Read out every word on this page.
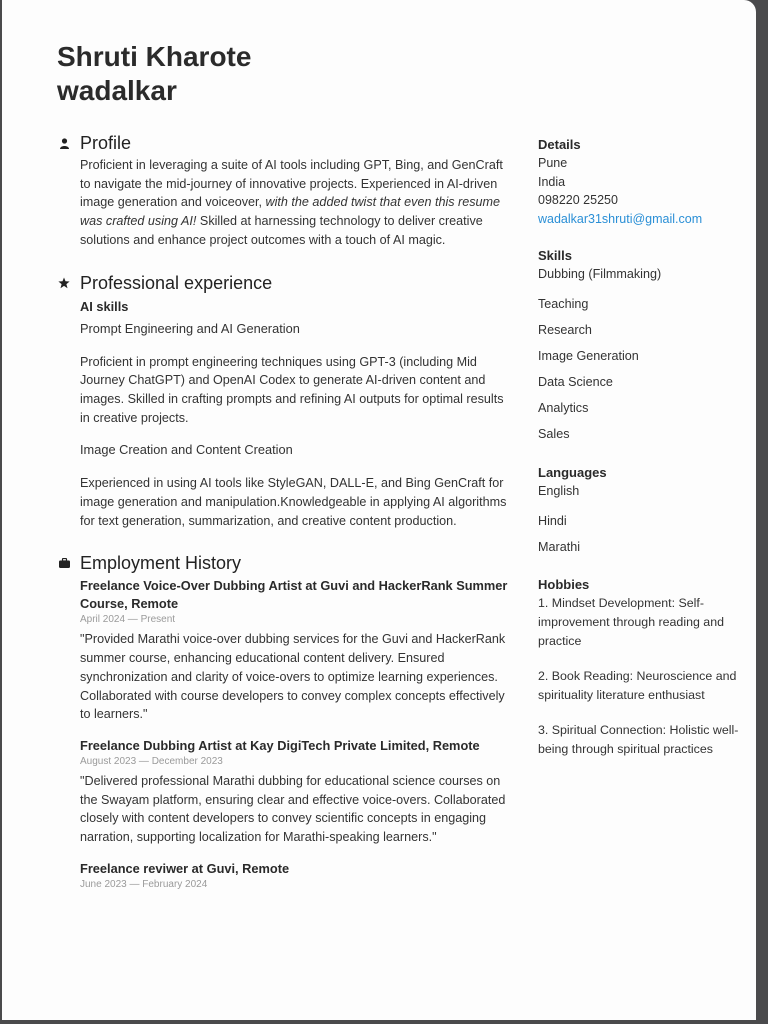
Shruti Kharote
wadalkar
Profile

Proficient in leveraging a suite of AI tools including GPT, Bing, and GenCraft to navigate the mid-journey of innovative projects. Experienced in AI-driven image generation and voiceover, with the added twist that even this resume was crafted using AI! Skilled at harnessing technology to deliver creative solutions and enhance project outcomes with a touch of AI magic.

Professional experience

AI skills

Prompt Engineering and AI Generation

Proficient in prompt engineering techniques using GPT-3 (including Mid Journey ChatGPT) and OpenAI Codex to generate AI-driven content and images. Skilled in crafting prompts and refining AI outputs for optimal results in creative projects.

Image Creation and Content Creation

Experienced in using AI tools like StyleGAN, DALL-E, and Bing GenCraft for image generation and manipulation.Knowledgeable in applying AI algorithms for text generation, summarization, and creative content production.

Employment History

Freelance Voice-Over Dubbing Artist at Guvi and HackerRank Summer Course, Remote

April 2024 — Present

"Provided Marathi voice-over dubbing services for the Guvi and HackerRank summer course, enhancing educational content delivery. Ensured synchronization and clarity of voice-overs to optimize learning experiences. Collaborated with course developers to convey complex concepts effectively to learners."

Freelance Dubbing Artist at Kay DigiTech Private Limited, Remote

August 2023 — December 2023

"Delivered professional Marathi dubbing for educational science courses on the Swayam platform, ensuring clear and effective voice-overs. Collaborated closely with content developers to convey scientific concepts in engaging narration, supporting localization for Marathi-speaking learners."

Freelance reviwer at Guvi, Remote

June 2023 — February 2024

Details

Pune

India

098220 25250

wadalkar31shruti@gmail.com

Skills

Dubbing (Filmmaking)

Teaching

Research

Image Generation

Data Science

Analytics

Sales

Languages

English

Hindi

Marathi

Hobbies

1. Mindset Development: Self-improvement through reading and practice

2. Book Reading: Neuroscience and spirituality literature enthusiast

3. Spiritual Connection: Holistic well-being through spiritual practices
